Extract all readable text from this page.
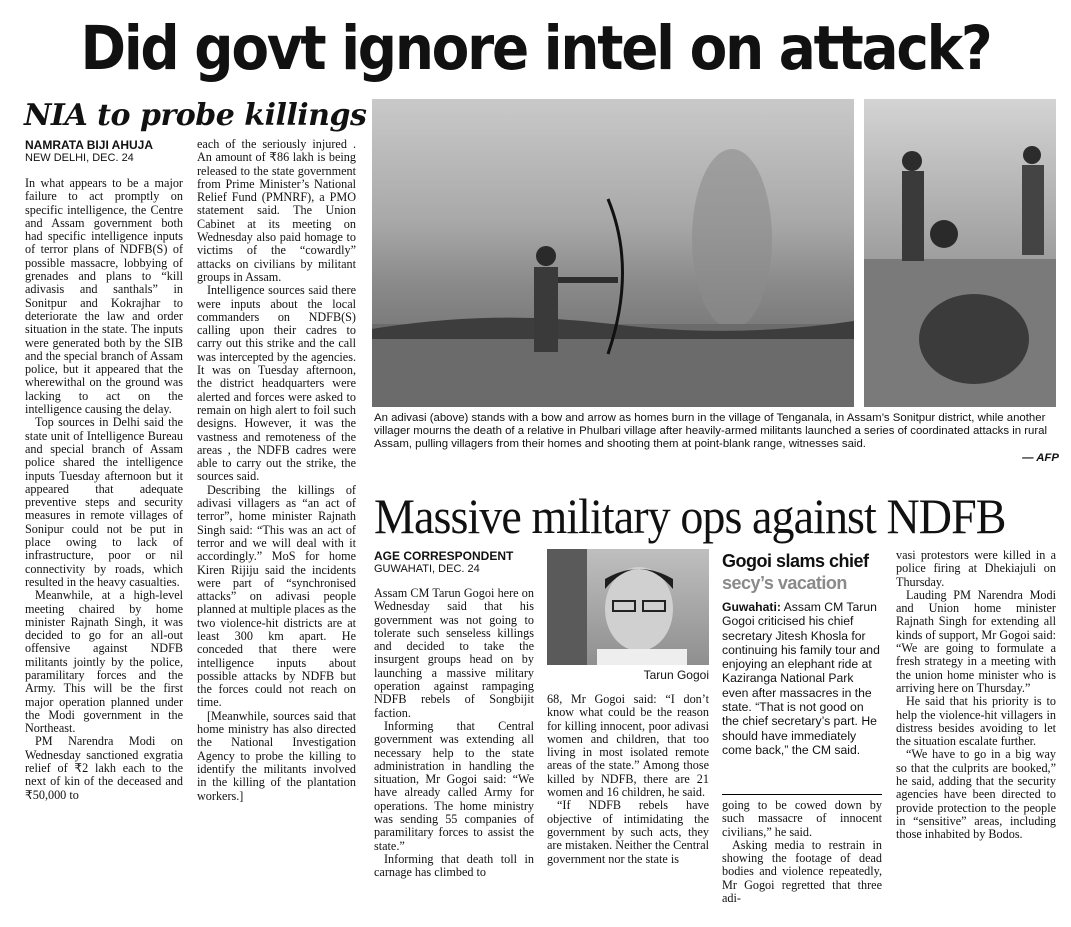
Did govt ignore intel on attack?
NIA to probe killings
NAMRATA BIJI AHUJA
NEW DELHI, DEC. 24

In what appears to be a major failure to act promptly on specific intelligence, the Centre and Assam government both had specific intelligence inputs of terror plans of NDFB(S) of possible massacre, lobbying of grenades and plans to “kill adivasis and santhals” in Sonitpur and Kokrajhar to deteriorate the law and order situation in the state. The inputs were generated both by the SIB and the special branch of Assam police, but it appeared that the wherewithal on the ground was lacking to act on the intelligence causing the delay.

Top sources in Delhi said the state unit of Intelligence Bureau and special branch of Assam police shared the intelligence inputs Tuesday afternoon but it appeared that adequate preventive steps and security measures in remote villages of Sonipur could not be put in place owing to lack of infrastructure, poor or nil connectivity by roads, which resulted in the heavy casualties.

Meanwhile, at a high-level meeting chaired by home minister Rajnath Singh, it was decided to go for an all-out offensive against NDFB militants jointly by the police, paramilitary forces and the Army. This will be the first major operation planned under the Modi government in the Northeast.

PM Narendra Modi on Wednesday sanctioned exgratia relief of ₹2 lakh each to the next of kin of the deceased and ₹50,000 to

each of the seriously injured . An amount of ₹86 lakh is being released to the state government from Prime Minister’s National Relief Fund (PMNRF), a PMO statement said. The Union Cabinet at its meeting on Wednesday also paid homage to victims of the “cowardly” attacks on civilians by militant groups in Assam.

Intelligence sources said there were inputs about the local commanders on NDFB(S) calling upon their cadres to carry out this strike and the call was intercepted by the agencies. It was on Tuesday afternoon, the district headquarters were alerted and forces were asked to remain on high alert to foil such designs. However, it was the vastness and remoteness of the areas , the NDFB cadres were able to carry out the strike, the sources said.

Describing the killings of adivasi villagers as “an act of terror”, home minister Rajnath Singh said: “This was an act of terror and we will deal with it accordingly.” MoS for home Kiren Rijiju said the incidents were part of “synchronised attacks” on adivasi people planned at multiple places as the two violence-hit districts are at least 300 km apart. He conceded that there were intelligence inputs about possible attacks by NDFB but the forces could not reach on time.

[Meanwhile, sources said that home ministry has also directed the National Investigation Agency to probe the killing to identify the militants involved in the killing of the plantation workers.]

An adivasi (above) stands with a bow and arrow as homes burn in the village of Tenganala, in Assam’s Sonitpur district, while another villager mourns the death of a relative in Phulbari village after heavily-armed militants launched a series of coordinated attacks in rural Assam, pulling villagers from their homes and shooting them at point-blank range, witnesses said.
— AFP
Massive military ops against NDFB
AGE CORRESPONDENT
GUWAHATI, DEC. 24

Assam CM Tarun Gogoi here on Wednesday said that his government was not going to tolerate such senseless killings and decided to take the insurgent groups head on by launching a massive military operation against rampaging NDFB rebels of Songbijit faction.

Informing that Central government was extending all necessary help to the state administration in handling the situation, Mr Gogoi said: “We have already called Army for operations. The home ministry was sending 55 companies of paramilitary forces to assist the state.”

Informing that death toll in carnage has climbed to

Tarun Gogoi

68, Mr Gogoi said: “I don’t know what could be the reason for killing innocent, poor adivasi women and children, that too living in most isolated remote areas of the state.” Among those killed by NDFB, there are 21 women and 16 children, he said.

“If NDFB rebels have objective of intimidating the government by such acts, they are mistaken. Neither the Central government nor the state is

Gogoi slams chief
secy’s vacation
Guwahati: Assam CM Tarun Gogoi criticised his chief secretary Jitesh Khosla for continuing his family tour and enjoying an elephant ride at Kaziranga National Park even after massacres in the state. “That is not good on the chief secretary’s part. He should have immediately come back,” the CM said.

going to be cowed down by such massacre of innocent civilians,” he said.

Asking media to restrain in showing the footage of dead bodies and violence repeatedly, Mr Gogoi regretted that three adi-

vasi protestors were killed in a police firing at Dhekiajuli on Thursday.

Lauding PM Narendra Modi and Union home minister Rajnath Singh for extending all kinds of support, Mr Gogoi said: “We are going to formulate a fresh strategy in a meeting with the union home minister who is arriving here on Thursday.”

He said that his priority is to help the violence-hit villagers in distress besides avoiding to let the situation escalate further.

“We have to go in a big way so that the culprits are booked,” he said, adding that the security agencies have been directed to provide protection to the people in “sensitive” areas, including those inhabited by Bodos.
